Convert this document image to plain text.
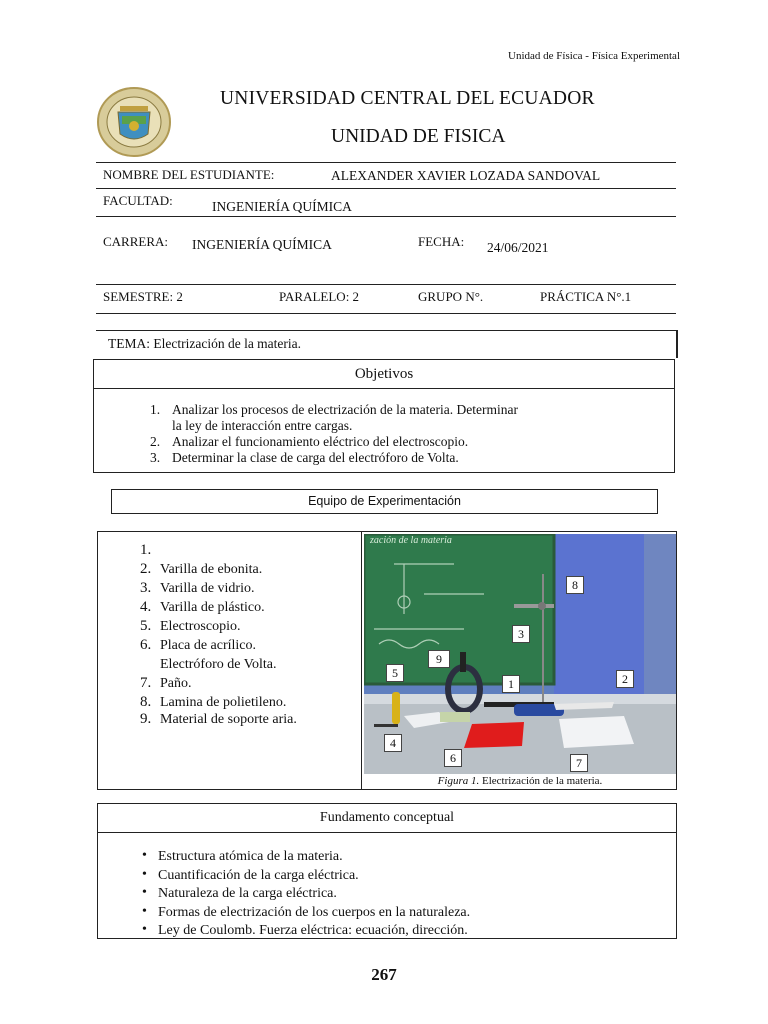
Unidad de Física - Física Experimental
UNIVERSIDAD CENTRAL DEL ECUADOR
UNIDAD DE FISICA
NOMBRE DEL ESTUDIANTE:	ALEXANDER XAVIER LOZADA SANDOVAL
FACULTAD:	INGENIERÍA QUÍMICA
CARRERA: INGENIERÍA QUÍMICA	FECHA: 24/06/2021
SEMESTRE: 2	PARALELO: 2	GRUPO N°.	PRÁCTICA N°.1
TEMA: Electrización de la materia.
Objetivos
1. Analizar los procesos de electrización de la materia. Determinar
la ley de interacción entre cargas.
2. Analizar el funcionamiento eléctrico del electroscopio.
3. Determinar la clase de carga del electróforo de Volta.
Equipo de Experimentación
1.
2. Varilla de ebonita.
3. Varilla de vidrio.
4. Varilla de plástico.
5. Electroscopio.
6. Placa de acrílico.
Electróforo de Volta.
7. Paño.
8. Lamina de polietileno.
9. Material de soporte aria.
zación de la materia
8
3
9
5
1	2
4
6	7
Figura 1. Electrización de la materia.
Fundamento conceptual
• Estructura atómica de la materia.
• Cuantificación de la carga eléctrica.
• Naturaleza de la carga eléctrica.
• Formas de electrización de los cuerpos en la naturaleza.
• Ley de Coulomb. Fuerza eléctrica: ecuación, dirección.
267
